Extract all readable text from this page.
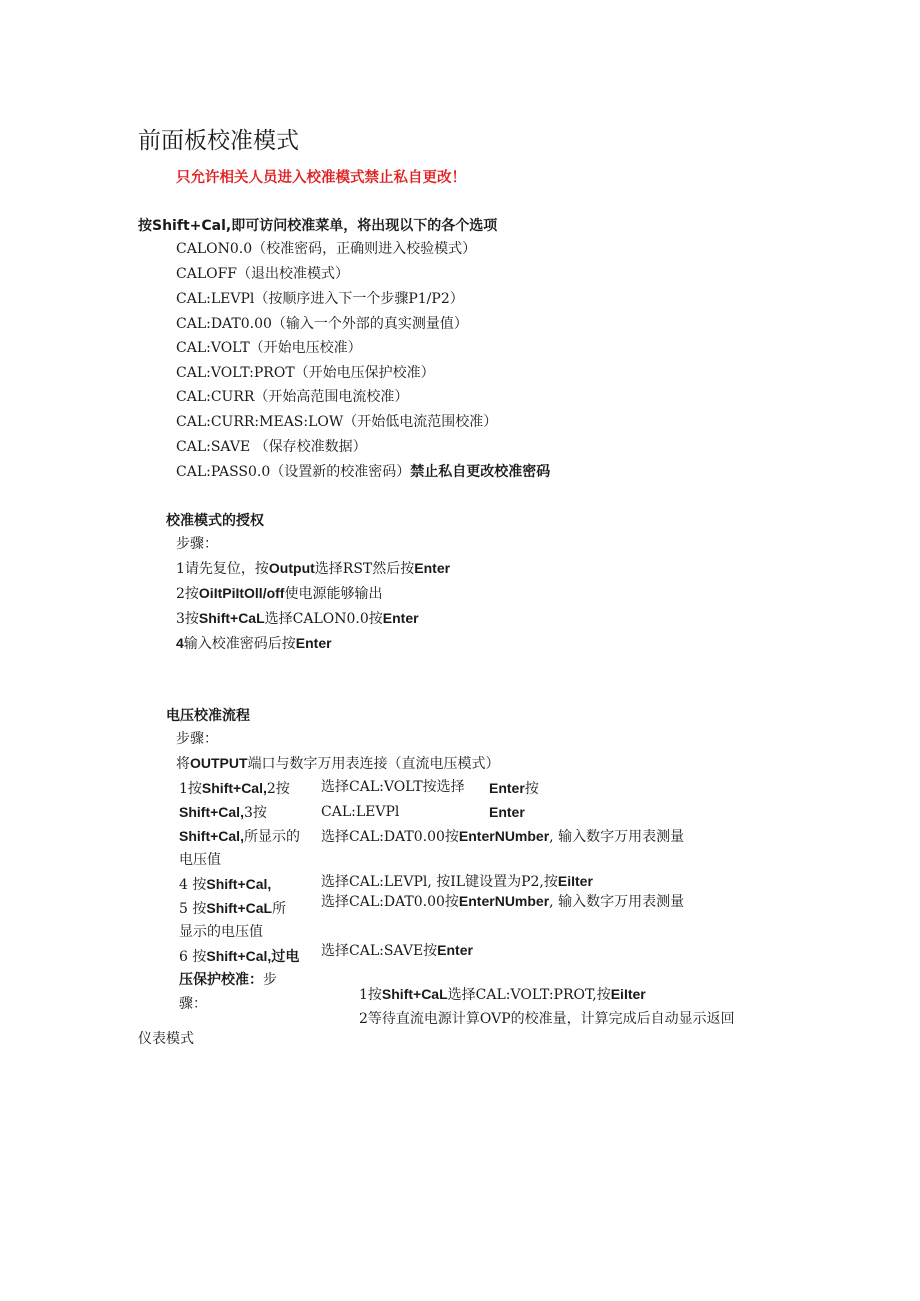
前面板校准模式
只允许相关人员进入校准模式禁止私自更改！
按Shift+Cal,即可访问校准菜单，将出现以下的各个选项
CALON0.0（校准密码，正确则进入校验模式）
CALOFF（退出校准模式）
CAL:LEVPl（按顺序进入下一个步骤P1/P2）
CAL:DAT0.00（输入一个外部的真实测量值）
CAL:VOLT（开始电压校准）
CAL:VOLT:PROT（开始电压保护校准）
CAL:CURR（开始高范围电流校准）
CAL:CURR:MEAS:LOW（开始低电流范围校准）
CAL:SAVE （保存校准数据）
CAL:PASS0.0（设置新的校准密码）禁止私自更改校准密码
校准模式的授权
步骤：
1请先复位，按Output选择RST然后按Enter
2按OiItPiItOll/off使电源能够输出
3按Shift+CaL选择CALON0.0按Enter
4输入校准密码后按Enter
电压校准流程
步骤：
将OUTPUT端口与数字万用表连接（直流电压模式）
1按Shift+Cal,2按
Shift+Cal,3按
Shift+Cal,所显示的
电压值
4 按Shift+Cal,
5 按Shift+CaL所
显示的电压值
6 按Shift+Cal,过电
压保护校准：步
骤：
选择CAL:VOLT按选择
CAL:LEVPl
选择CAL:DAT0.00按EnterNUmber, 输入数字万用表测量
选择CAL:LEVPl, 按IL键设置为P2,按EiIter
选择CAL:DAT0.00按EnterNUmber, 输入数字万用表测量
选择CAL:SAVE按Enter
Enter按
Enter
1按Shift+CaL选择CAL:VOLT:PROT,按EiIter
2等待直流电源计算OVP的校准量，计算完成后自动显示返回
仪表模式
